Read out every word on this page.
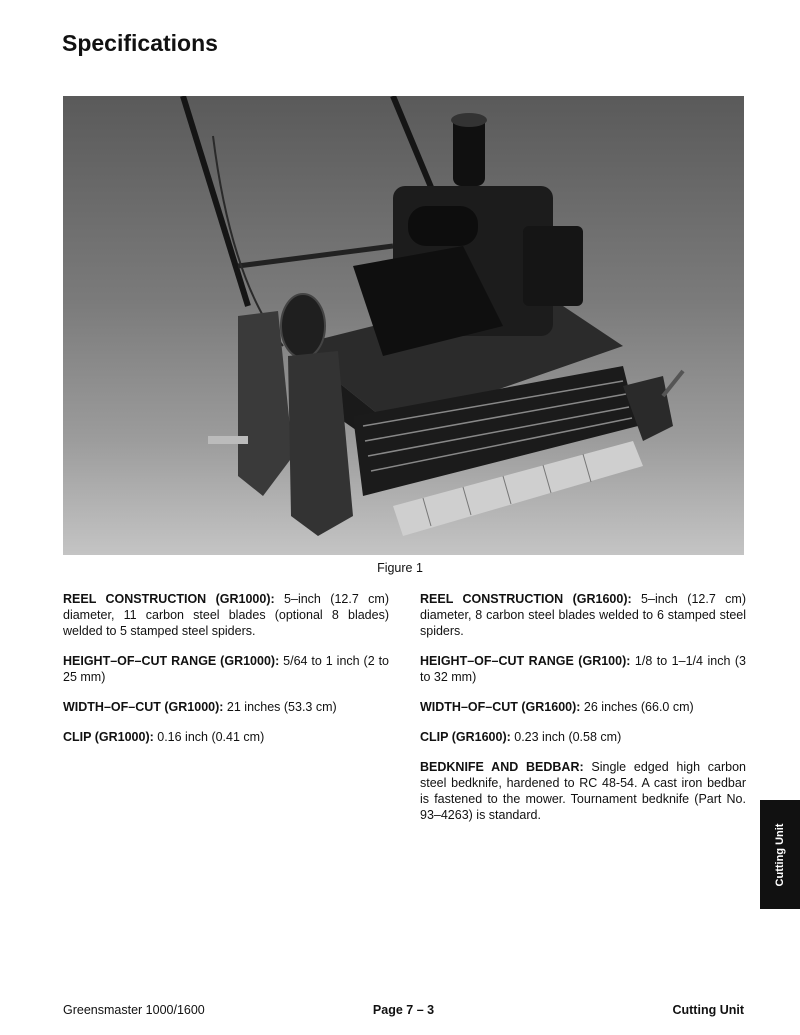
Specifications
Figure 1

REEL CONSTRUCTION (GR1000): 5–inch (12.7 cm) diameter, 11 carbon steel blades (optional 8 blades) welded to 5 stamped steel spiders.

HEIGHT–OF–CUT RANGE (GR1000): 5/64 to 1 inch (2 to 25 mm)

WIDTH–OF–CUT (GR1000): 21 inches (53.3 cm)

CLIP (GR1000): 0.16 inch (0.41 cm)

REEL CONSTRUCTION (GR1600): 5–inch (12.7 cm) diameter, 8 carbon steel blades welded to 6 stamped steel spiders.

HEIGHT–OF–CUT RANGE (GR100): 1/8 to 1–1/4 inch (3 to 32 mm)

WIDTH–OF–CUT (GR1600): 26 inches (66.0 cm)

CLIP (GR1600): 0.23 inch (0.58 cm)

BEDKNIFE AND BEDBAR: Single edged high carbon steel bedknife, hardened to RC 48-54. A cast iron bedbar is fastened to the mower. Tournament bedknife (Part No. 93–4263) is standard.

Cutting Unit
Greensmaster 1000/1600	Page 7 – 3	Cutting Unit
